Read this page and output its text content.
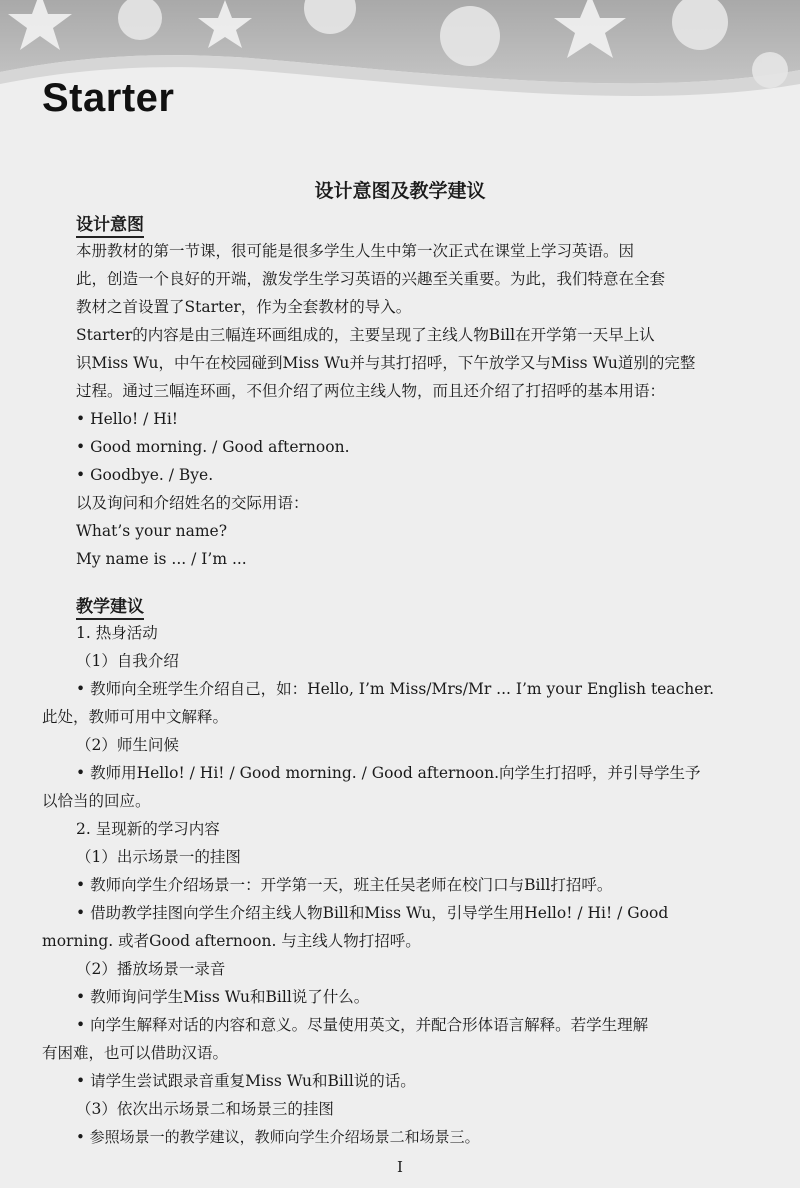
Starter
设计意图及教学建议
设计意图

本册教材的第一节课，很可能是很多学生人生中第一次正式在课堂上学习英语。因

此，创造一个良好的开端，激发学生学习英语的兴趣至关重要。为此，我们特意在全套

教材之首设置了Starter，作为全套教材的导入。

Starter的内容是由三幅连环画组成的，主要呈现了主线人物Bill在开学第一天早上认

识Miss Wu，中午在校园碰到Miss Wu并与其打招呼，下午放学又与Miss Wu道别的完整

过程。通过三幅连环画，不但介绍了两位主线人物，而且还介绍了打招呼的基本用语：

• Hello! / Hi!

• Good morning. / Good afternoon.

• Goodbye. / Bye.

以及询问和介绍姓名的交际用语：

What’s your name?

My name is ... / I’m ...

教学建议

1. 热身活动

（1）自我介绍

• 教师向全班学生介绍自己，如：Hello, I’m Miss/Mrs/Mr ... I’m your English teacher.

此处，教师可用中文解释。

（2）师生问候

• 教师用Hello! / Hi! / Good morning. / Good afternoon.向学生打招呼，并引导学生予

以恰当的回应。

2. 呈现新的学习内容

（1）出示场景一的挂图

• 教师向学生介绍场景一：开学第一天，班主任吴老师在校门口与Bill打招呼。

• 借助教学挂图向学生介绍主线人物Bill和Miss Wu，引导学生用Hello! / Hi! / Good

morning. 或者Good afternoon. 与主线人物打招呼。

（2）播放场景一录音

• 教师询问学生Miss Wu和Bill说了什么。

• 向学生解释对话的内容和意义。尽量使用英文，并配合形体语言解释。若学生理解

有困难，也可以借助汉语。

• 请学生尝试跟录音重复Miss Wu和Bill说的话。

（3）依次出示场景二和场景三的挂图

• 参照场景一的教学建议，教师向学生介绍场景二和场景三。

I
